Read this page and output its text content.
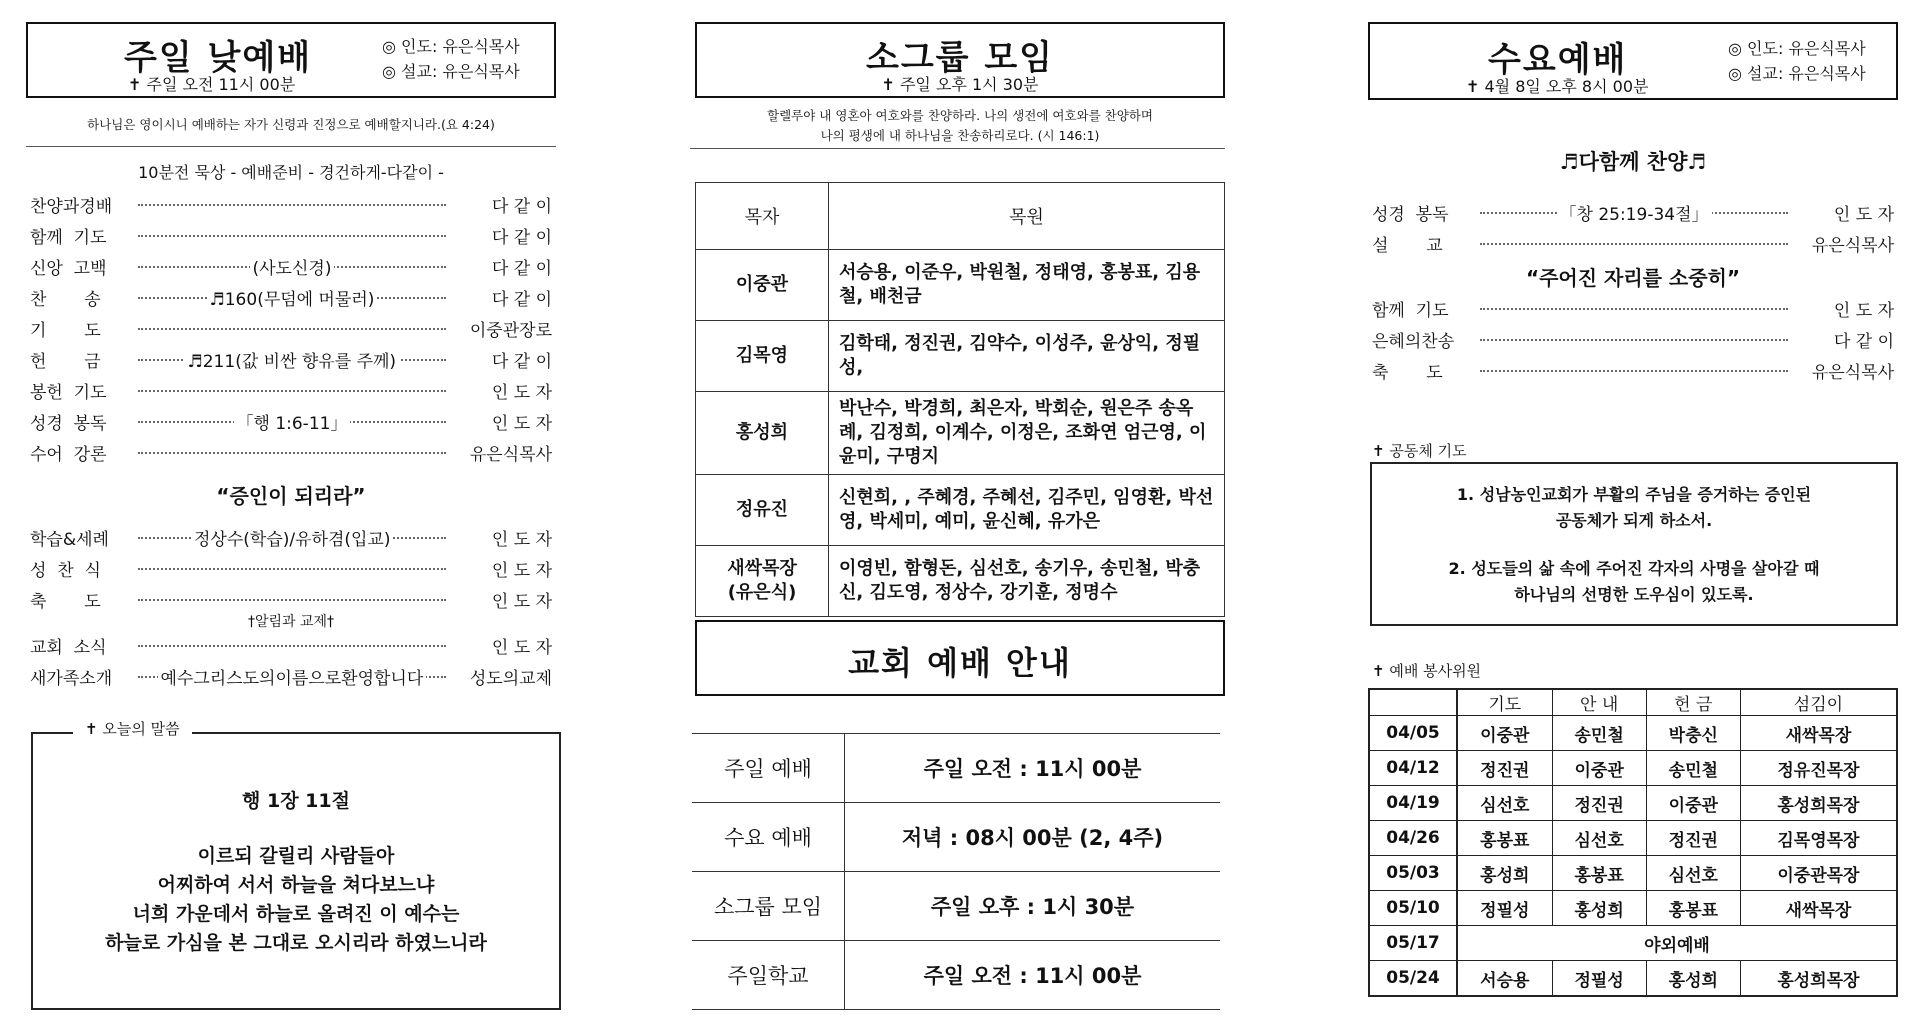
주일 낮예배
✝ 주일 오전 11시 00분
◎ 인도: 유은식목사
◎ 설교: 유은식목사
하나님은 영이시니 예배하는 자가 신령과 진정으로 예배할지니라.(요 4:24)
10분전 묵상 - 예배준비 - 경건하게-다같이 -
찬양과경배	다 같 이
함께  기도	다 같 이
신앙  고백	(사도신경)	다 같 이
찬       송	♬160(무덤에 머물러)	다 같 이
기       도	이중관장로
헌       금	♬211(값 비싼 향유를 주께)	다 같 이
봉헌  기도	인 도 자
성경  봉독	「행 1:6-11」	인 도 자
수어  강론	유은식목사
“증인이 되리라”
학습&세례	정상수(학습)/유하겸(입교)	인 도 자
성  찬  식	인 도 자
축       도	인 도 자
†알림과 교제†
교회  소식	인 도 자
새가족소개	예수그리스도의이름으로환영합니다	성도의교제
✝ 오늘의 말씀
행 1장 11절
이르되 갈릴리 사람들아
어찌하여 서서 하늘을 쳐다보느냐
너희 가운데서 하늘로 올려진 이 예수는
하늘로 가심을 본 그대로 오시리라 하였느니라
소그룹 모임
✝ 주일 오후 1시 30분
할렐루야 내 영혼아 여호와를 찬양하라. 나의 생전에 여호와를 찬양하며
나의 평생에 내 하나님을 찬송하리로다. (시 146:1)
목자	목원
이중관	서승용, 이준우, 박원철, 정태영, 홍봉표, 김용철, 배천금
김목영	김학태, 정진권, 김약수, 이성주, 윤상익, 정필성,
홍성희	박난수, 박경희, 최은자, 박회순, 원은주 송옥례, 김정희, 이계수, 이정은, 조화연 엄근영, 이윤미, 구명지
정유진	신현희, , 주혜경, 주혜선, 김주민, 임영환, 박선영, 박세미, 예미, 윤신혜, 유가은
새싹목장
(유은식)	이영빈, 함형돈, 심선호, 송기우, 송민철, 박충신, 김도영, 정상수, 강기훈, 정명수
교회 예배 안내
주일 예배	주일 오전 : 11시 00분
수요 예배	저녁 : 08시 00분 (2, 4주)
소그룹 모임	주일 오후 : 1시 30분
주일학교	주일 오전 : 11시 00분
수요예배
✝ 4월 8일 오후 8시 00분
◎ 인도: 유은식목사
◎ 설교: 유은식목사
♬다함께 찬양♬
성경  봉독	「창 25:19-34절」	인 도 자
설       교	유은식목사
“주어진 자리를 소중히”
함께  기도	인 도 자
은혜의찬송	다 같 이
축       도	유은식목사
✝ 공동체 기도
1. 성남농인교회가 부활의 주님을 증거하는 증인된
공동체가 되게 하소서.
2. 성도들의 삶 속에 주어진 각자의 사명을 살아갈 때
하나님의 선명한 도우심이 있도록.
✝ 예배 봉사위원
	기도	안 내	헌 금	섬김이
04/05	이중관	송민철	박충신	새싹목장
04/12	정진권	이중관	송민철	정유진목장
04/19	심선호	정진권	이중관	홍성희목장
04/26	홍봉표	심선호	정진권	김목영목장
05/03	홍성희	홍봉표	심선호	이중관목장
05/10	정필성	홍성희	홍봉표	새싹목장
05/17	야외예배			
05/24	서승용	정필성	홍성희	홍성희목장
